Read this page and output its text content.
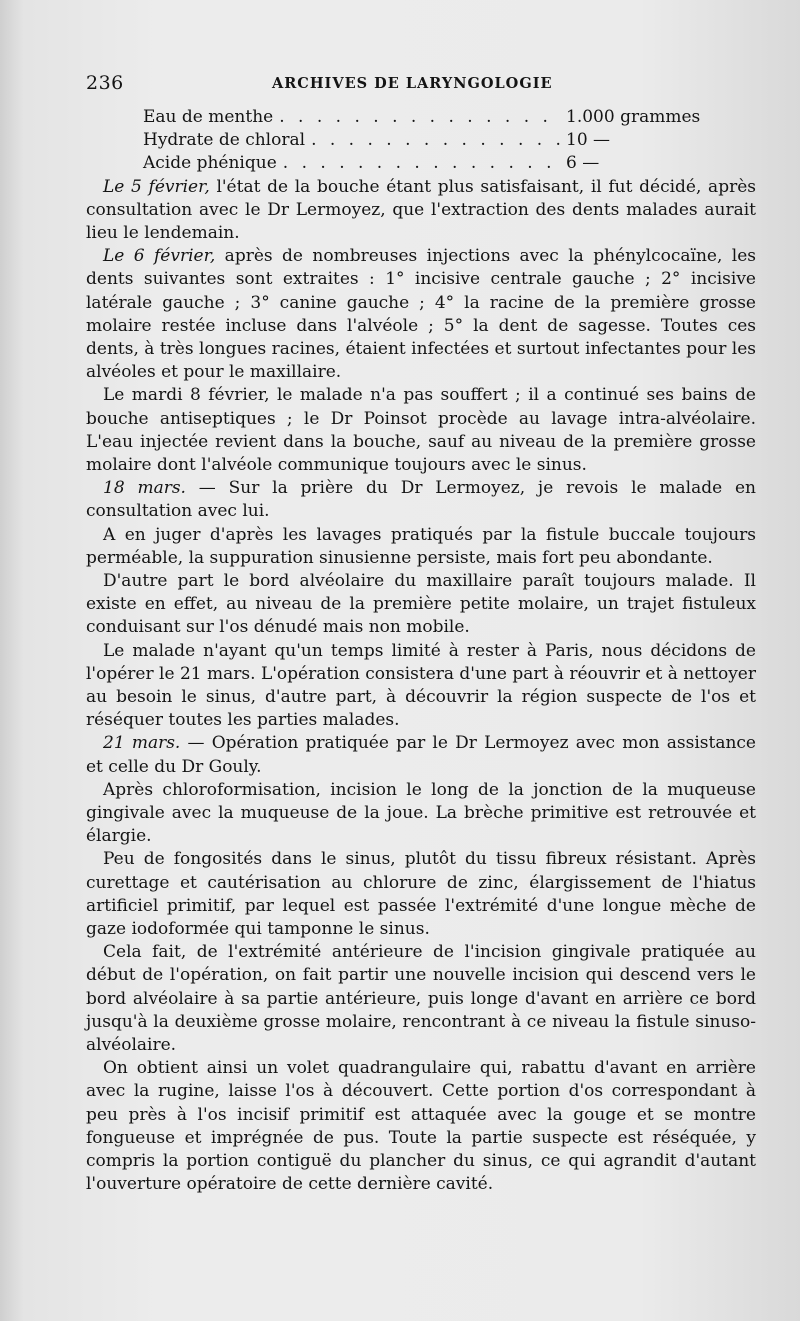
236	ARCHIVES DE LARYNGOLOGIE
Eau de menthe . . .	1.000 grammes
Hydrate de chloral . . .	10 —
Acide phénique . . .	6 —

Le 5 février, l'état de la bouche étant plus satisfaisant, il fut décidé, après consultation avec le Dr Lermoyez, que l'extraction des dents malades aurait lieu le lendemain.

Le 6 février, après de nombreuses injections avec la phénylcocaïne, les dents suivantes sont extraites : 1° incisive centrale gauche ; 2° incisive latérale gauche ; 3° canine gauche ; 4° la racine de la première grosse molaire restée incluse dans l'alvéole ; 5° la dent de sagesse. Toutes ces dents, à très longues racines, étaient infectées et surtout infectantes pour les alvéoles et pour le maxillaire.

Le mardi 8 février, le malade n'a pas souffert ; il a continué ses bains de bouche antiseptiques ; le Dr Poinsot procède au lavage intra-alvéolaire. L'eau injectée revient dans la bouche, sauf au niveau de la première grosse molaire dont l'alvéole communique toujours avec le sinus.

18 mars. — Sur la prière du Dr Lermoyez, je revois le malade en consultation avec lui.

A en juger d'après les lavages pratiqués par la fistule buccale toujours perméable, la suppuration sinusienne persiste, mais fort peu abondante.

D'autre part le bord alvéolaire du maxillaire paraît toujours malade. Il existe en effet, au niveau de la première petite molaire, un trajet fistuleux conduisant sur l'os dénudé mais non mobile.

Le malade n'ayant qu'un temps limité à rester à Paris, nous décidons de l'opérer le 21 mars. L'opération consistera d'une part à réouvrir et à nettoyer au besoin le sinus, d'autre part, à découvrir la région suspecte de l'os et réséquer toutes les parties malades.

21 mars. — Opération pratiquée par le Dr Lermoyez avec mon assistance et celle du Dr Gouly.

Après chloroformisation, incision le long de la jonction de la muqueuse gingivale avec la muqueuse de la joue. La brèche primitive est retrouvée et élargie.

Peu de fongosités dans le sinus, plutôt du tissu fibreux résistant. Après curettage et cautérisation au chlorure de zinc, élargissement de l'hiatus artificiel primitif, par lequel est passée l'extrémité d'une longue mèche de gaze iodoformée qui tamponne le sinus.

Cela fait, de l'extrémité antérieure de l'incision gingivale pratiquée au début de l'opération, on fait partir une nouvelle incision qui descend vers le bord alvéolaire à sa partie antérieure, puis longe d'avant en arrière ce bord jusqu'à la deuxième grosse molaire, rencontrant à ce niveau la fistule sinuso-alvéolaire.

On obtient ainsi un volet quadrangulaire qui, rabattu d'avant en arrière avec la rugine, laisse l'os à découvert. Cette portion d'os correspondant à peu près à l'os incisif primitif est attaquée avec la gouge et se montre fongueuse et imprégnée de pus. Toute la partie suspecte est réséquée, y compris la portion contiguë du plancher du sinus, ce qui agrandit d'autant l'ouverture opératoire de cette dernière cavité.
